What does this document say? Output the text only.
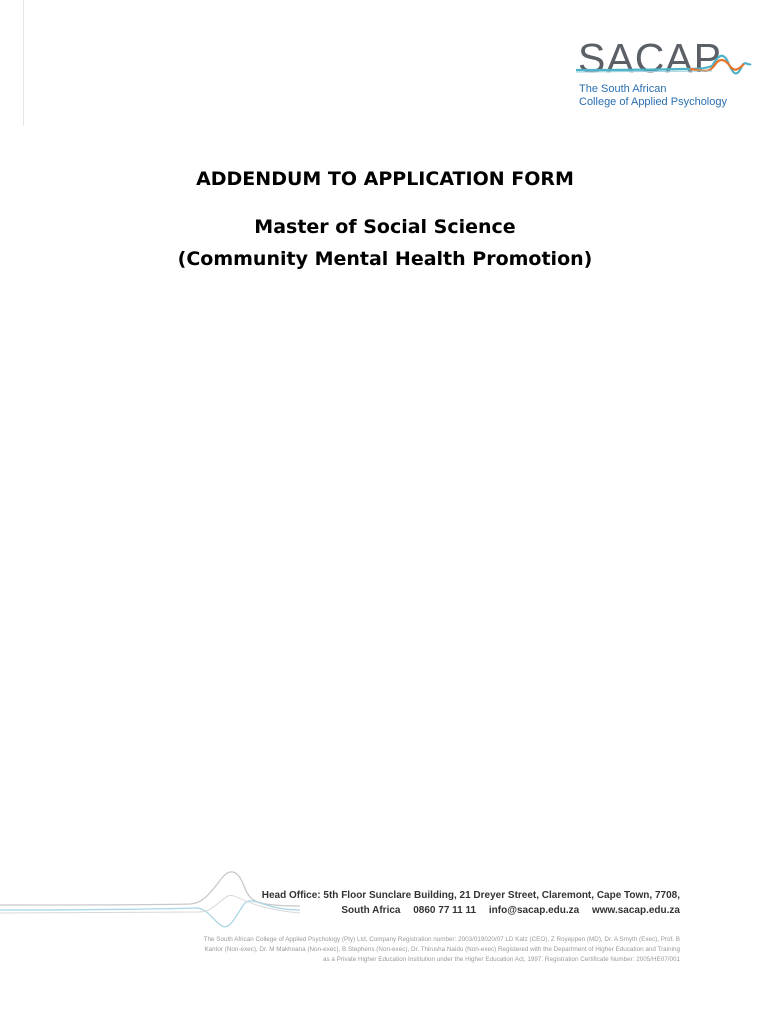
SACAP
The South African
College of Applied Psychology
ADDENDUM TO APPLICATION FORM
Master of Social Science
(Community Mental Health Promotion)
Head Office: 5th Floor Sunclare Building, 21 Dreyer Street, Claremont, Cape Town, 7708,
South Africa 0860 77 11 11 info@sacap.edu.za www.sacap.edu.za
The South African College of Applied Psychology (Pty) Ltd, Company Registration number: 2003/019020/07 LD Katz (CEO), Z Royeppen (MD), Dr. A Smyth (Exec), Prof. B
Kantor (Non-exec), Dr. M Makhoana (Non-exec), B Stephens (Non-exec), Dr. Thirusha Naidu (Non-exec) Registered with the Department of Higher Education and Training
as a Private Higher Education Institution under the Higher Education Act, 1997. Registration Certificate Number: 2005/HE07/001
